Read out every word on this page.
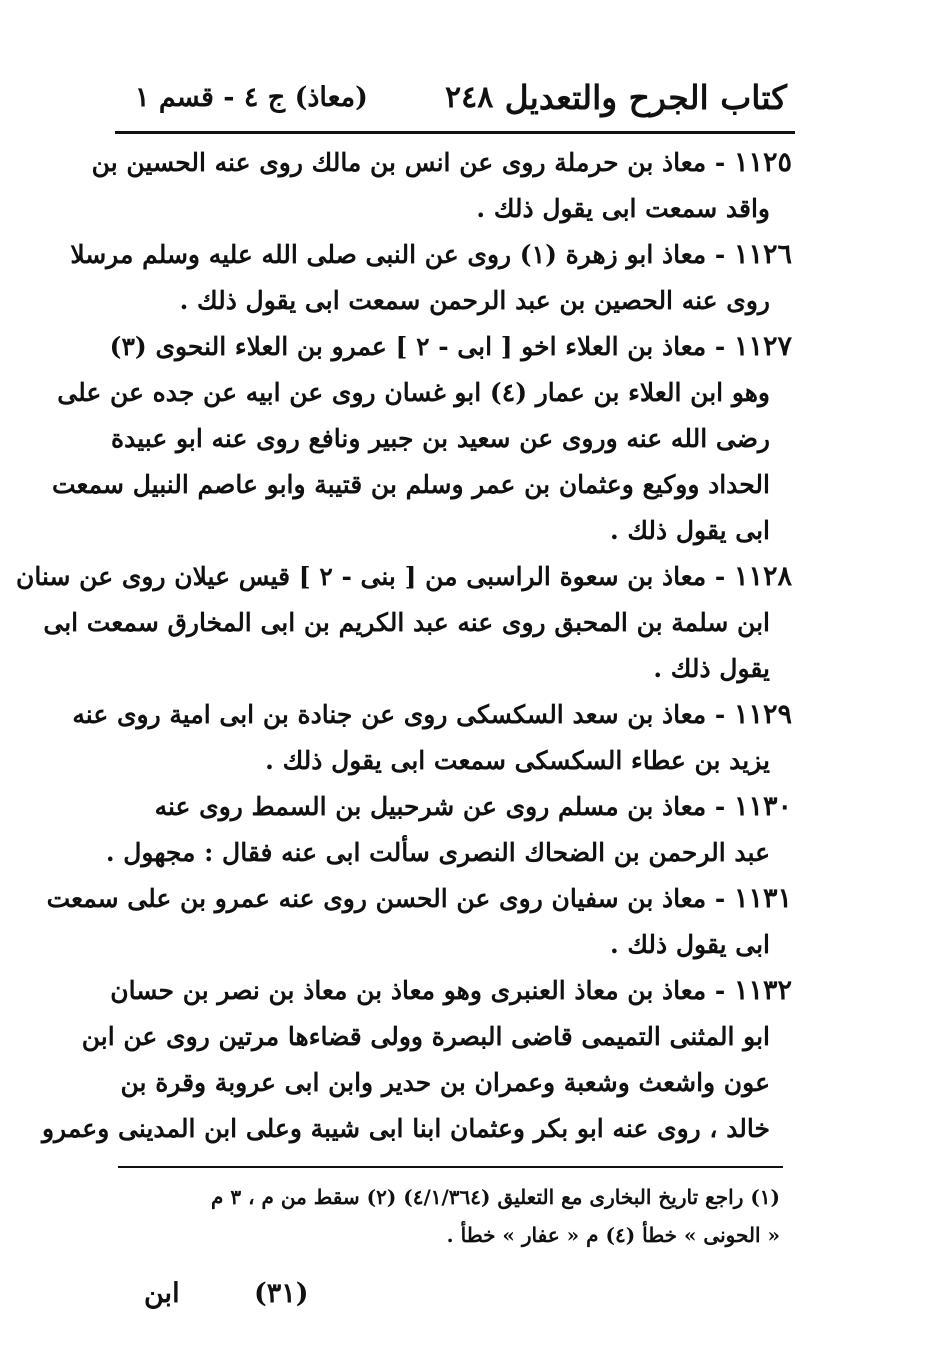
كتاب الجرح والتعديل
٢٤٨
(معاذ) ج ٤ - قسم ١
١١٢٥ - معاذ بن حرملة روى عن انس بن مالك روى عنه الحسين بن
واقد سمعت ابى يقول ذلك .
١١٢٦ - معاذ ابو زهرة (١) روى عن النبى صلى الله عليه وسلم مرسلا
روى عنه الحصين بن عبد الرحمن سمعت ابى يقول ذلك .
١١٢٧ - معاذ بن العلاء اخو [ ابى - ٢ ] عمرو بن العلاء النحوى (٣)
وهو ابن العلاء بن عمار (٤) ابو غسان روى عن ابيه عن جده عن على
رضى الله عنه وروى عن سعيد بن جبير ونافع روى عنه ابو عبيدة
الحداد ووكيع وعثمان بن عمر وسلم بن قتيبة وابو عاصم النبيل سمعت
ابى يقول ذلك .
١١٢٨ - معاذ بن سعوة الراسبى من [ بنى - ٢ ] قيس عيلان روى عن سنان
ابن سلمة بن المحبق روى عنه عبد الكريم بن ابى المخارق سمعت ابى
يقول ذلك .
١١٢٩ - معاذ بن سعد السكسكى روى عن جنادة بن ابى امية روى عنه
يزيد بن عطاء السكسكى سمعت ابى يقول ذلك .
١١٣٠ - معاذ بن مسلم روى عن شرحبيل بن السمط روى عنه
عبد الرحمن بن الضحاك النصرى سألت ابى عنه فقال : مجهول .
١١٣١ - معاذ بن سفيان روى عن الحسن روى عنه عمرو بن على سمعت
ابى يقول ذلك .
١١٣٢ - معاذ بن معاذ العنبرى وهو معاذ بن معاذ بن نصر بن حسان
ابو المثنى التميمى قاضى البصرة وولى قضاءها مرتين روى عن ابن
عون واشعث وشعبة وعمران بن حدير وابن ابى عروبة وقرة بن
خالد ، روى عنه ابو بكر وعثمان ابنا ابى شيبة وعلى ابن المدينى وعمرو
(١) راجع تاريخ البخارى مع التعليق (٤/١/٣٦٤) (٢) سقط من م ، ٣ م
« الحونى » خطأ (٤) م « عفار » خطأ .
(٣١)
ابن
